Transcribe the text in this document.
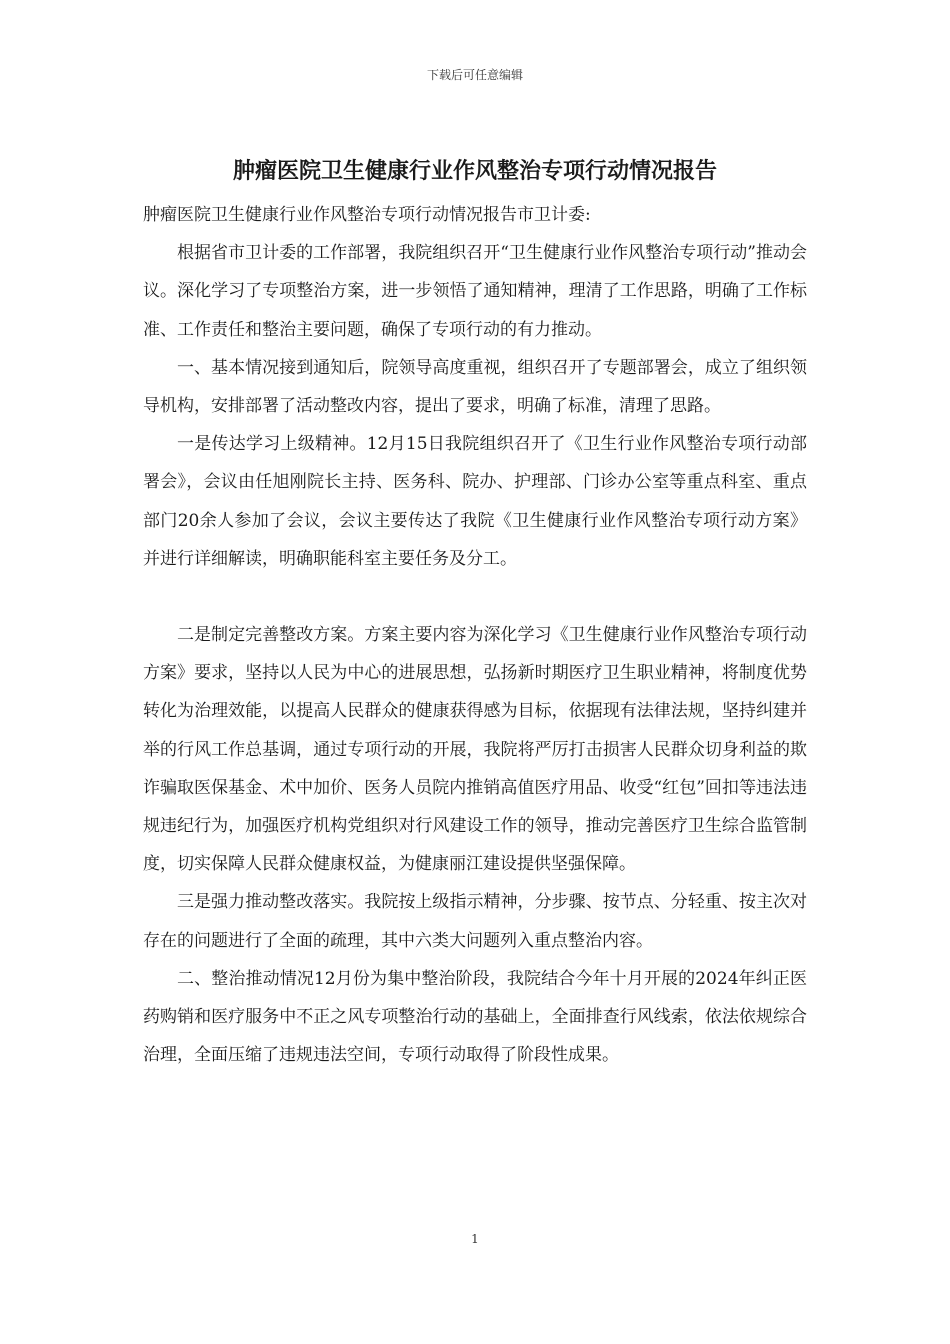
下载后可任意编辑
肿瘤医院卫生健康行业作风整治专项行动情况报告

肿瘤医院卫生健康行业作风整治专项行动情况报告市卫计委:

根据省市卫计委的工作部署，我院组织召开“卫生健康行业作风整治专项行动”推动会议。深化学习了专项整治方案，进一步领悟了通知精神，理清了工作思路，明确了工作标准、工作责任和整治主要问题，确保了专项行动的有力推动。

一、基本情况接到通知后，院领导高度重视，组织召开了专题部署会，成立了组织领导机构，安排部署了活动整改内容，提出了要求，明确了标准，清理了思路。

一是传达学习上级精神。12月15日我院组织召开了《卫生行业作风整治专项行动部署会》，会议由任旭刚院长主持、医务科、院办、护理部、门诊办公室等重点科室、重点部门20余人参加了会议，会议主要传达了我院《卫生健康行业作风整治专项行动方案》并进行详细解读，明确职能科室主要任务及分工。

二是制定完善整改方案。方案主要内容为深化学习《卫生健康行业作风整治专项行动方案》要求，坚持以人民为中心的进展思想，弘扬新时期医疗卫生职业精神，将制度优势转化为治理效能，以提高人民群众的健康获得感为目标，依据现有法律法规，坚持纠建并举的行风工作总基调，通过专项行动的开展，我院将严厉打击损害人民群众切身利益的欺诈骗取医保基金、术中加价、医务人员院内推销高值医疗用品、收受“红包”回扣等违法违规违纪行为，加强医疗机构党组织对行风建设工作的领导，推动完善医疗卫生综合监管制度，切实保障人民群众健康权益，为健康丽江建设提供坚强保障。

三是强力推动整改落实。我院按上级指示精神，分步骤、按节点、分轻重、按主次对存在的问题进行了全面的疏理，其中六类大问题列入重点整治内容。

二、整治推动情况12月份为集中整治阶段，我院结合今年十月开展的2024年纠正医药购销和医疗服务中不正之风专项整治行动的基础上，全面排查行风线索，依法依规综合治理，全面压缩了违规违法空间，专项行动取得了阶段性成果。

1
